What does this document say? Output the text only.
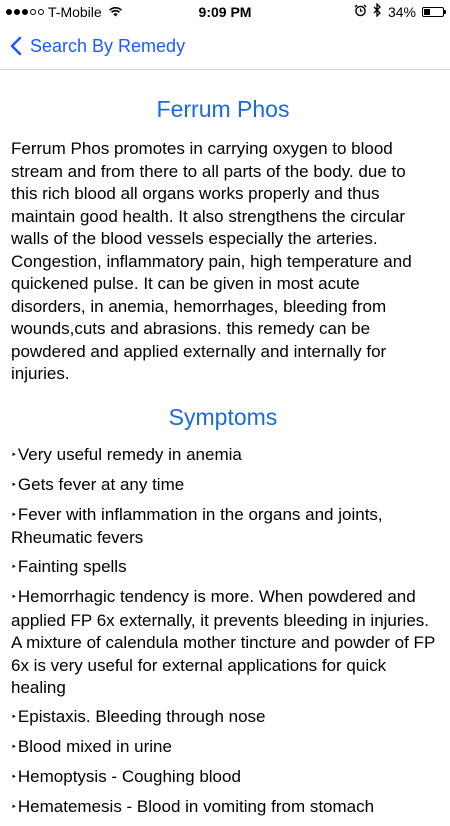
T-Mobile	9:09 PM	34%
Search By Remedy
Ferrum Phos

Ferrum Phos promotes in carrying oxygen to blood stream and from there to all parts of the body. due to this rich blood all organs works properly and thus maintain good health. It also strengthens the circular walls of the blood vessels especially the arteries. Congestion, inflammatory pain, high temperature and quickened pulse. It can be given in most acute disorders, in anemia, hemorrhages, bleeding from wounds,cuts and abrasions. this remedy can be powdered and applied externally and internally for injuries.

Symptoms

‣Very useful remedy in anemia

‣Gets fever at any time

‣Fever with inflammation in the organs and joints, Rheumatic fevers

‣Fainting spells

‣Hemorrhagic tendency is more. When powdered and applied FP 6x externally, it prevents bleeding in injuries. A mixture of calendula mother tincture and powder of FP 6x is very useful for external applications for quick healing

‣Epistaxis. Bleeding through nose

‣Blood mixed in urine

‣Hemoptysis - Coughing blood

‣Hematemesis - Blood in vomiting from stomach
